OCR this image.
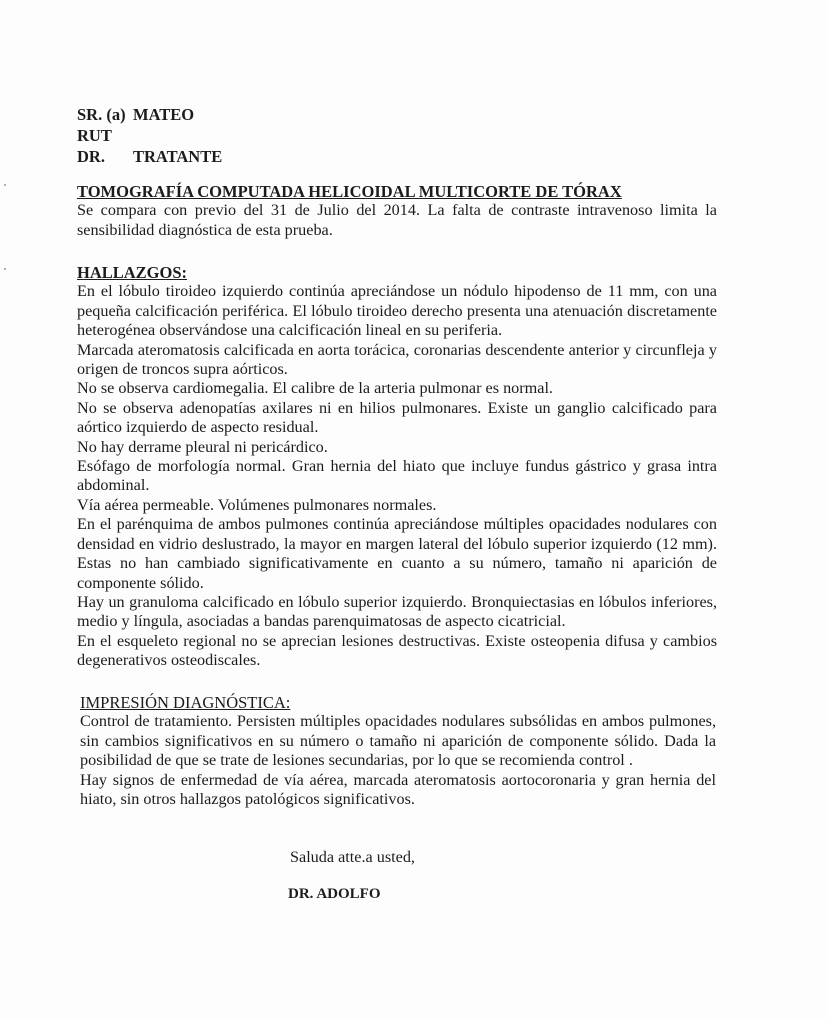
SR. (a) MATEO
RUT
DR.	TRATANTE
TOMOGRAFÍA COMPUTADA HELICOIDAL MULTICORTE DE TÓRAX
Se compara con previo del 31 de Julio del 2014. La falta de contraste intravenoso limita la sensibilidad diagnóstica de esta prueba.
HALLAZGOS:
En el lóbulo tiroideo izquierdo continúa apreciándose un nódulo hipodenso de 11 mm, con una pequeña calcificación periférica. El lóbulo tiroideo derecho presenta una atenuación discretamente heterogénea observándose una calcificación lineal en su periferia.
Marcada ateromatosis calcificada en aorta torácica, coronarias descendente anterior y circunfleja y origen de troncos supra aórticos.
No se observa cardiomegalia. El calibre de la arteria pulmonar es normal.
No se observa adenopatías axilares ni en hilios pulmonares. Existe un ganglio calcificado para aórtico izquierdo de aspecto residual.
No hay derrame pleural ni pericárdico.
Esófago de morfología normal. Gran hernia del hiato que incluye fundus gástrico y grasa intra abdominal.
Vía aérea permeable. Volúmenes pulmonares normales.
En el parénquima de ambos pulmones continúa apreciándose múltiples opacidades nodulares con densidad en vidrio deslustrado, la mayor en margen lateral del lóbulo superior izquierdo (12 mm). Estas no han cambiado significativamente en cuanto a su número, tamaño ni aparición de componente sólido.
Hay un granuloma calcificado en lóbulo superior izquierdo. Bronquiectasias en lóbulos inferiores, medio y língula, asociadas a bandas parenquimatosas de aspecto cicatricial.
En el esqueleto regional no se aprecian lesiones destructivas. Existe osteopenia difusa y cambios degenerativos osteodiscales.
IMPRESIÓN DIAGNÓSTICA:
Control de tratamiento. Persisten múltiples opacidades nodulares subsólidas en ambos pulmones, sin cambios significativos en su número o tamaño ni aparición de componente sólido. Dada la posibilidad de que se trate de lesiones secundarias, por lo que se recomienda control .
Hay signos de enfermedad de vía aérea, marcada ateromatosis aortocoronaria y gran hernia del hiato, sin otros hallazgos patológicos significativos.
Saluda atte.a usted,
DR. ADOLFO
